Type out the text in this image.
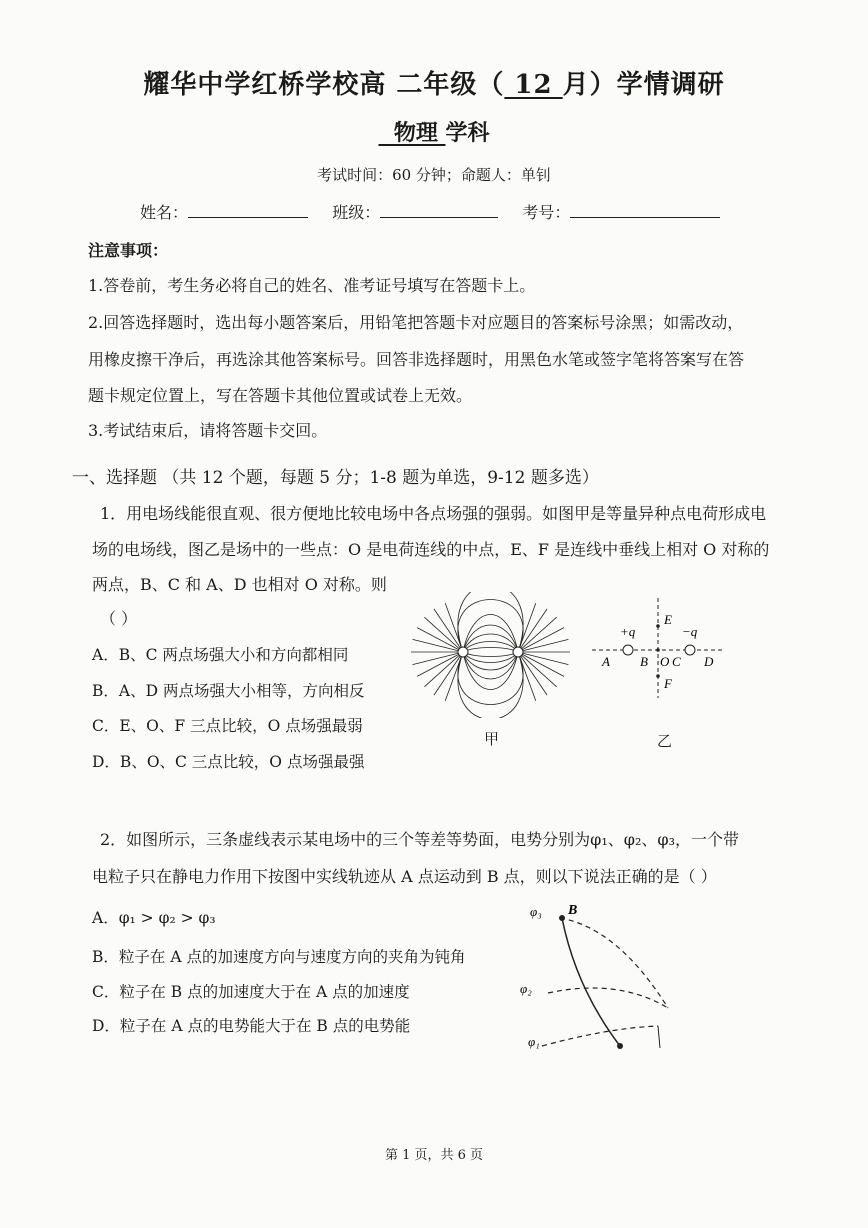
耀华中学红桥学校高 二年级（ 12 月）学情调研
物理 学科
考试时间：60 分钟；命题人：单钊
姓名：	班级：	考号：
注意事项：
1.答卷前，考生务必将自己的姓名、准考证号填写在答题卡上。
2.回答选择题时，选出每小题答案后，用铅笔把答题卡对应题目的答案标号涂黑；如需改动，
用橡皮擦干净后，再选涂其他答案标号。回答非选择题时，用黑色水笔或签字笔将答案写在答
题卡规定位置上，写在答题卡其他位置或试卷上无效。
3.考试结束后，请将答题卡交回。
一、选择题 （共 12 个题，每题 5 分；1-8 题为单选，9-12 题多选）
1．用电场线能很直观、很方便地比较电场中各点场强的强弱。如图甲是等量异种点电荷形成电
场的电场线，图乙是场中的一些点：O 是电荷连线的中点，E、F 是连线中垂线上相对 O 对称的
两点，B、C 和 A、D 也相对 O 对称。则
（ ）
A．B、C 两点场强大小和方向都相同
B．A、D 两点场强大小相等，方向相反
C．E、O、F 三点比较，O 点场强最弱
D．B、O、C 三点比较，O 点场强最强
甲
+q	−q
A B O C D
E
F
乙
2．如图所示，三条虚线表示某电场中的三个等差等势面，电势分别为φ₁、φ₂、φ₃，一个带
电粒子只在静电力作用下按图中实线轨迹从 A 点运动到 B 点，则以下说法正确的是（ ）
A．φ₁ > φ₂ > φ₃
B．粒子在 A 点的加速度方向与速度方向的夹角为钝角
C．粒子在 B 点的加速度大于在 A 点的加速度
D．粒子在 A 点的电势能大于在 B 点的电势能
φ₃ B
φ₂
φ₁
第 1 页，共 6 页
